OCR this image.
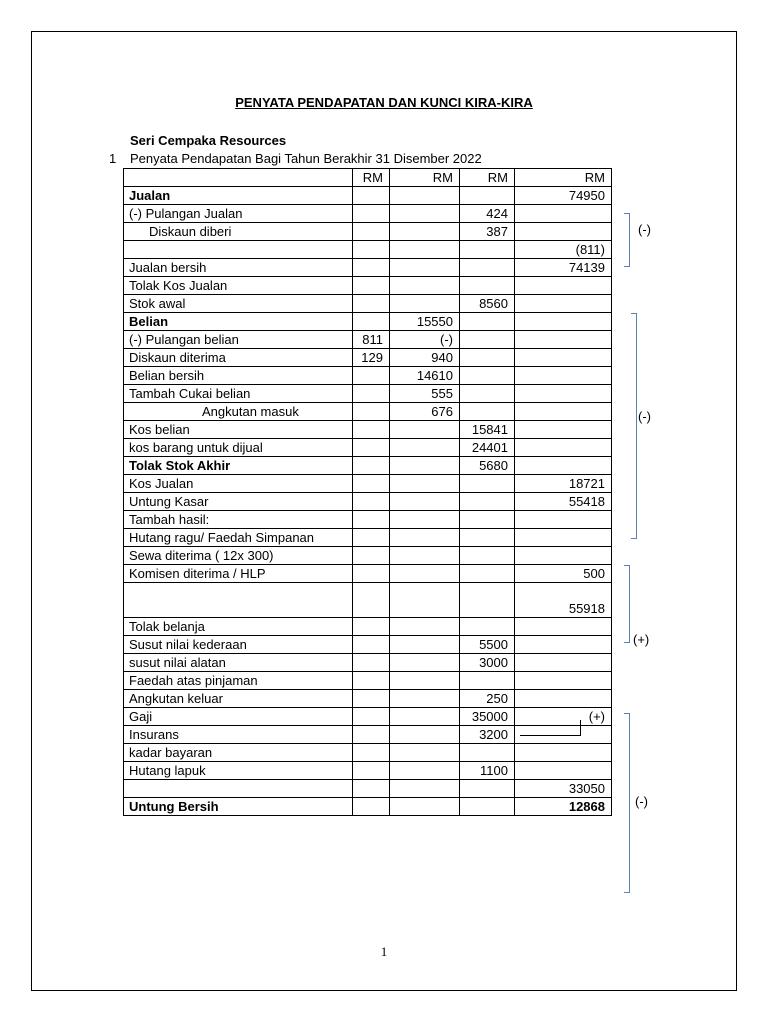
PENYATA PENDAPATAN DAN KUNCI KIRA-KIRA
Seri Cempaka Resources
1 Penyata Pendapatan Bagi Tahun Berakhir 31 Disember 2022
	RM	RM	RM	RM
Jualan				74950
(-) Pulangan Jualan			424	
Diskaun diberi			387	
				(811)
Jualan bersih				74139
Tolak Kos Jualan				
Stok awal			8560	
Belian		15550		
(-) Pulangan belian	811	(-)		
Diskaun diterima	129	940		
Belian bersih		14610		
Tambah Cukai belian		555		
Angkutan masuk		676		
Kos belian			15841	
kos barang untuk dijual			24401	
Tolak Stok Akhir			5680	
Kos Jualan				18721
Untung Kasar				55418
Tambah hasil:				
Hutang ragu/ Faedah Simpanan				
Sewa diterima ( 12x 300)				
Komisen diterima / HLP				500
				55918
Tolak belanja				
Susut nilai kederaan			5500	
susut nilai alatan			3000	
Faedah atas pinjaman				
Angkutan keluar			250	
Gaji			35000	(+)
Insurans			3200	
kadar bayaran				
Hutang lapuk			1100	
				33050
Untung Bersih				12868
(-)
(-)
(+)
(-)
1
